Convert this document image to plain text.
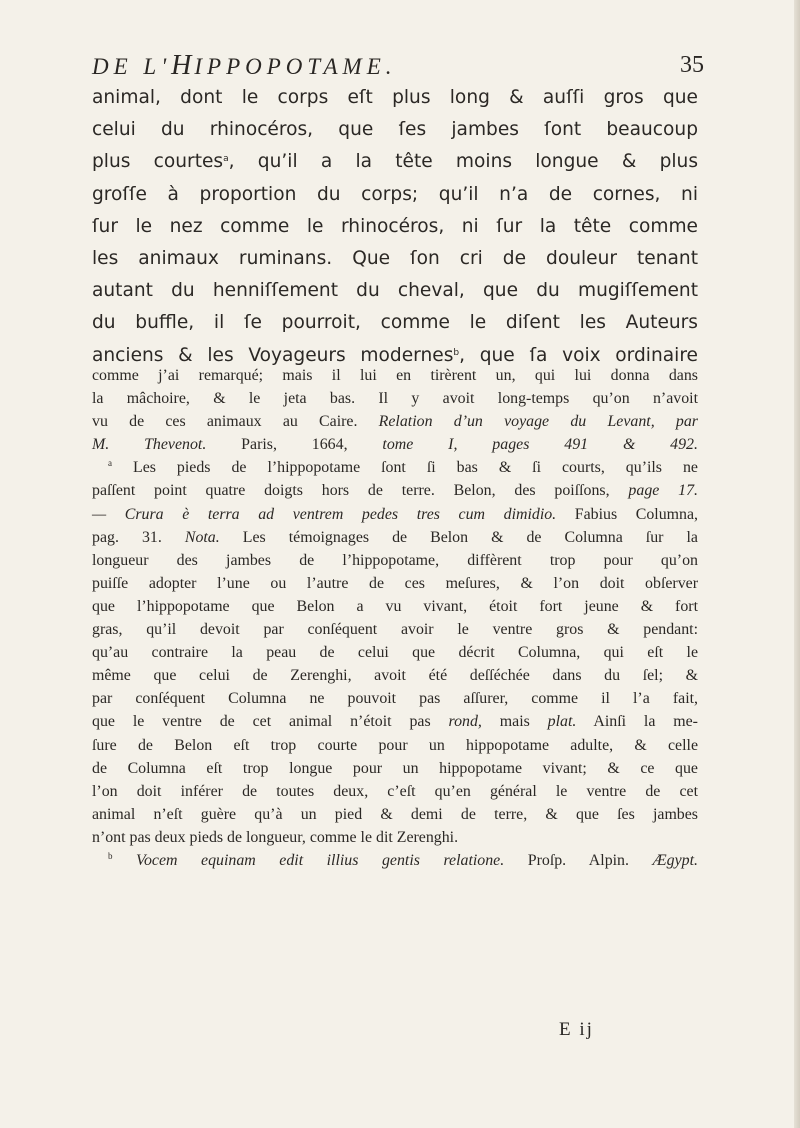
DE L'HIPPOPOTAME.	35
animal, dont le corps eſt plus long & auſſi gros que
celui du rhinocéros, que ſes jambes ſont beaucoup
plus courtes$^a$, qu’il a la tête moins longue & plus
groſſe à proportion du corps; qu’il n’a de cornes, ni
ſur le nez comme le rhinocéros, ni ſur la tête comme
les animaux ruminans. Que ſon cri de douleur tenant
autant du henniſſement du cheval, que du mugiſſement
du buffle, il ſe pourroit, comme le diſent les Auteurs
anciens & les Voyageurs modernes$^b$, que ſa voix ordinaire
comme j’ai remarqué; mais il lui en tirèrent un, qui lui donna dans
la mâchoire, & le jeta bas. Il y avoit long-temps qu’on n’avoit
vu de ces animaux au Caire. Relation d’un voyage du Levant, par
M. Thevenot. Paris, 1664, tome I, pages 491 & 492.
$^a$ Les pieds de l’hippopotame ſont ſi bas & ſi courts, qu’ils ne
paſſent point quatre doigts hors de terre. Belon, des poiſſons, page 17.
— Crura è terra ad ventrem pedes tres cum dimidio. Fabius Columna,
pag. 31. Nota. Les témoignages de Belon & de Columna ſur la
longueur des jambes de l’hippopotame, diffèrent trop pour qu’on
puiſſe adopter l’une ou l’autre de ces meſures, & l’on doit obſerver
que l’hippopotame que Belon a vu vivant, étoit fort jeune & fort
gras, qu’il devoit par conſéquent avoir le ventre gros & pendant:
qu’au contraire la peau de celui que décrit Columna, qui eſt le
même que celui de Zerenghi, avoit été deſſéchée dans du ſel; &
par conſéquent Columna ne pouvoit pas aſſurer, comme il l’a fait,
que le ventre de cet animal n’étoit pas rond, mais plat. Ainſi la me-
ſure de Belon eſt trop courte pour un hippopotame adulte, & celle
de Columna eſt trop longue pour un hippopotame vivant; & ce que
l’on doit inférer de toutes deux, c’eſt qu’en général le ventre de cet
animal n’eſt guère qu’à un pied & demi de terre, & que ſes jambes
n’ont pas deux pieds de longueur, comme le dit Zerenghi.
$^b$ Vocem equinam edit illius gentis relatione. Proſp. Alpin. Ægypt.
E ij
